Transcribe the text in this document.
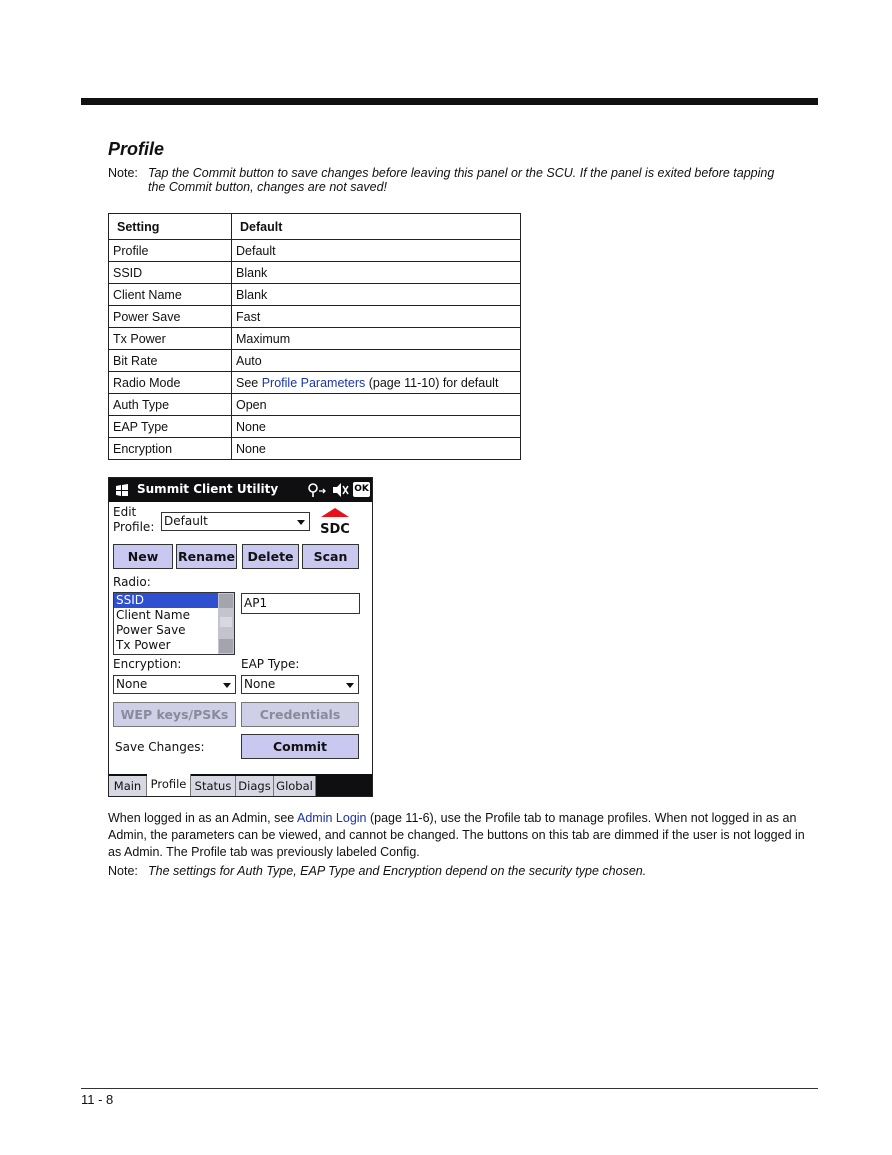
Profile
Note: Tap the Commit button to save changes before leaving this panel or the SCU. If the panel is exited before tapping
the Commit button, changes are not saved!
Setting	Default
Profile	Default
SSID	Blank
Client Name	Blank
Power Save	Fast
Tx Power	Maximum
Bit Rate	Auto
Radio Mode	See Profile Parameters (page 11-10) for default
Auth Type	Open
EAP Type	None
Encryption	None
Summit Client Utility	OK
Edit
Profile: Default
SDC
New	Rename Delete	Scan
Radio:
SSID
Client Name
Power Save
Tx Power
AP1
Encryption:	EAP Type:
None	None
WEP keys/PSKs	Credentials
Save Changes:	Commit
Main Profile Status Diags Global

When logged in as an Admin, see Admin Login (page 11-6), use the Profile tab to manage profiles. When not logged in as an Admin, the parameters can be viewed, and cannot be changed. The buttons on this tab are dimmed if the user is not logged in as Admin. The Profile tab was previously labeled Config.

Note: The settings for Auth Type, EAP Type and Encryption depend on the security type chosen.
11 - 8
